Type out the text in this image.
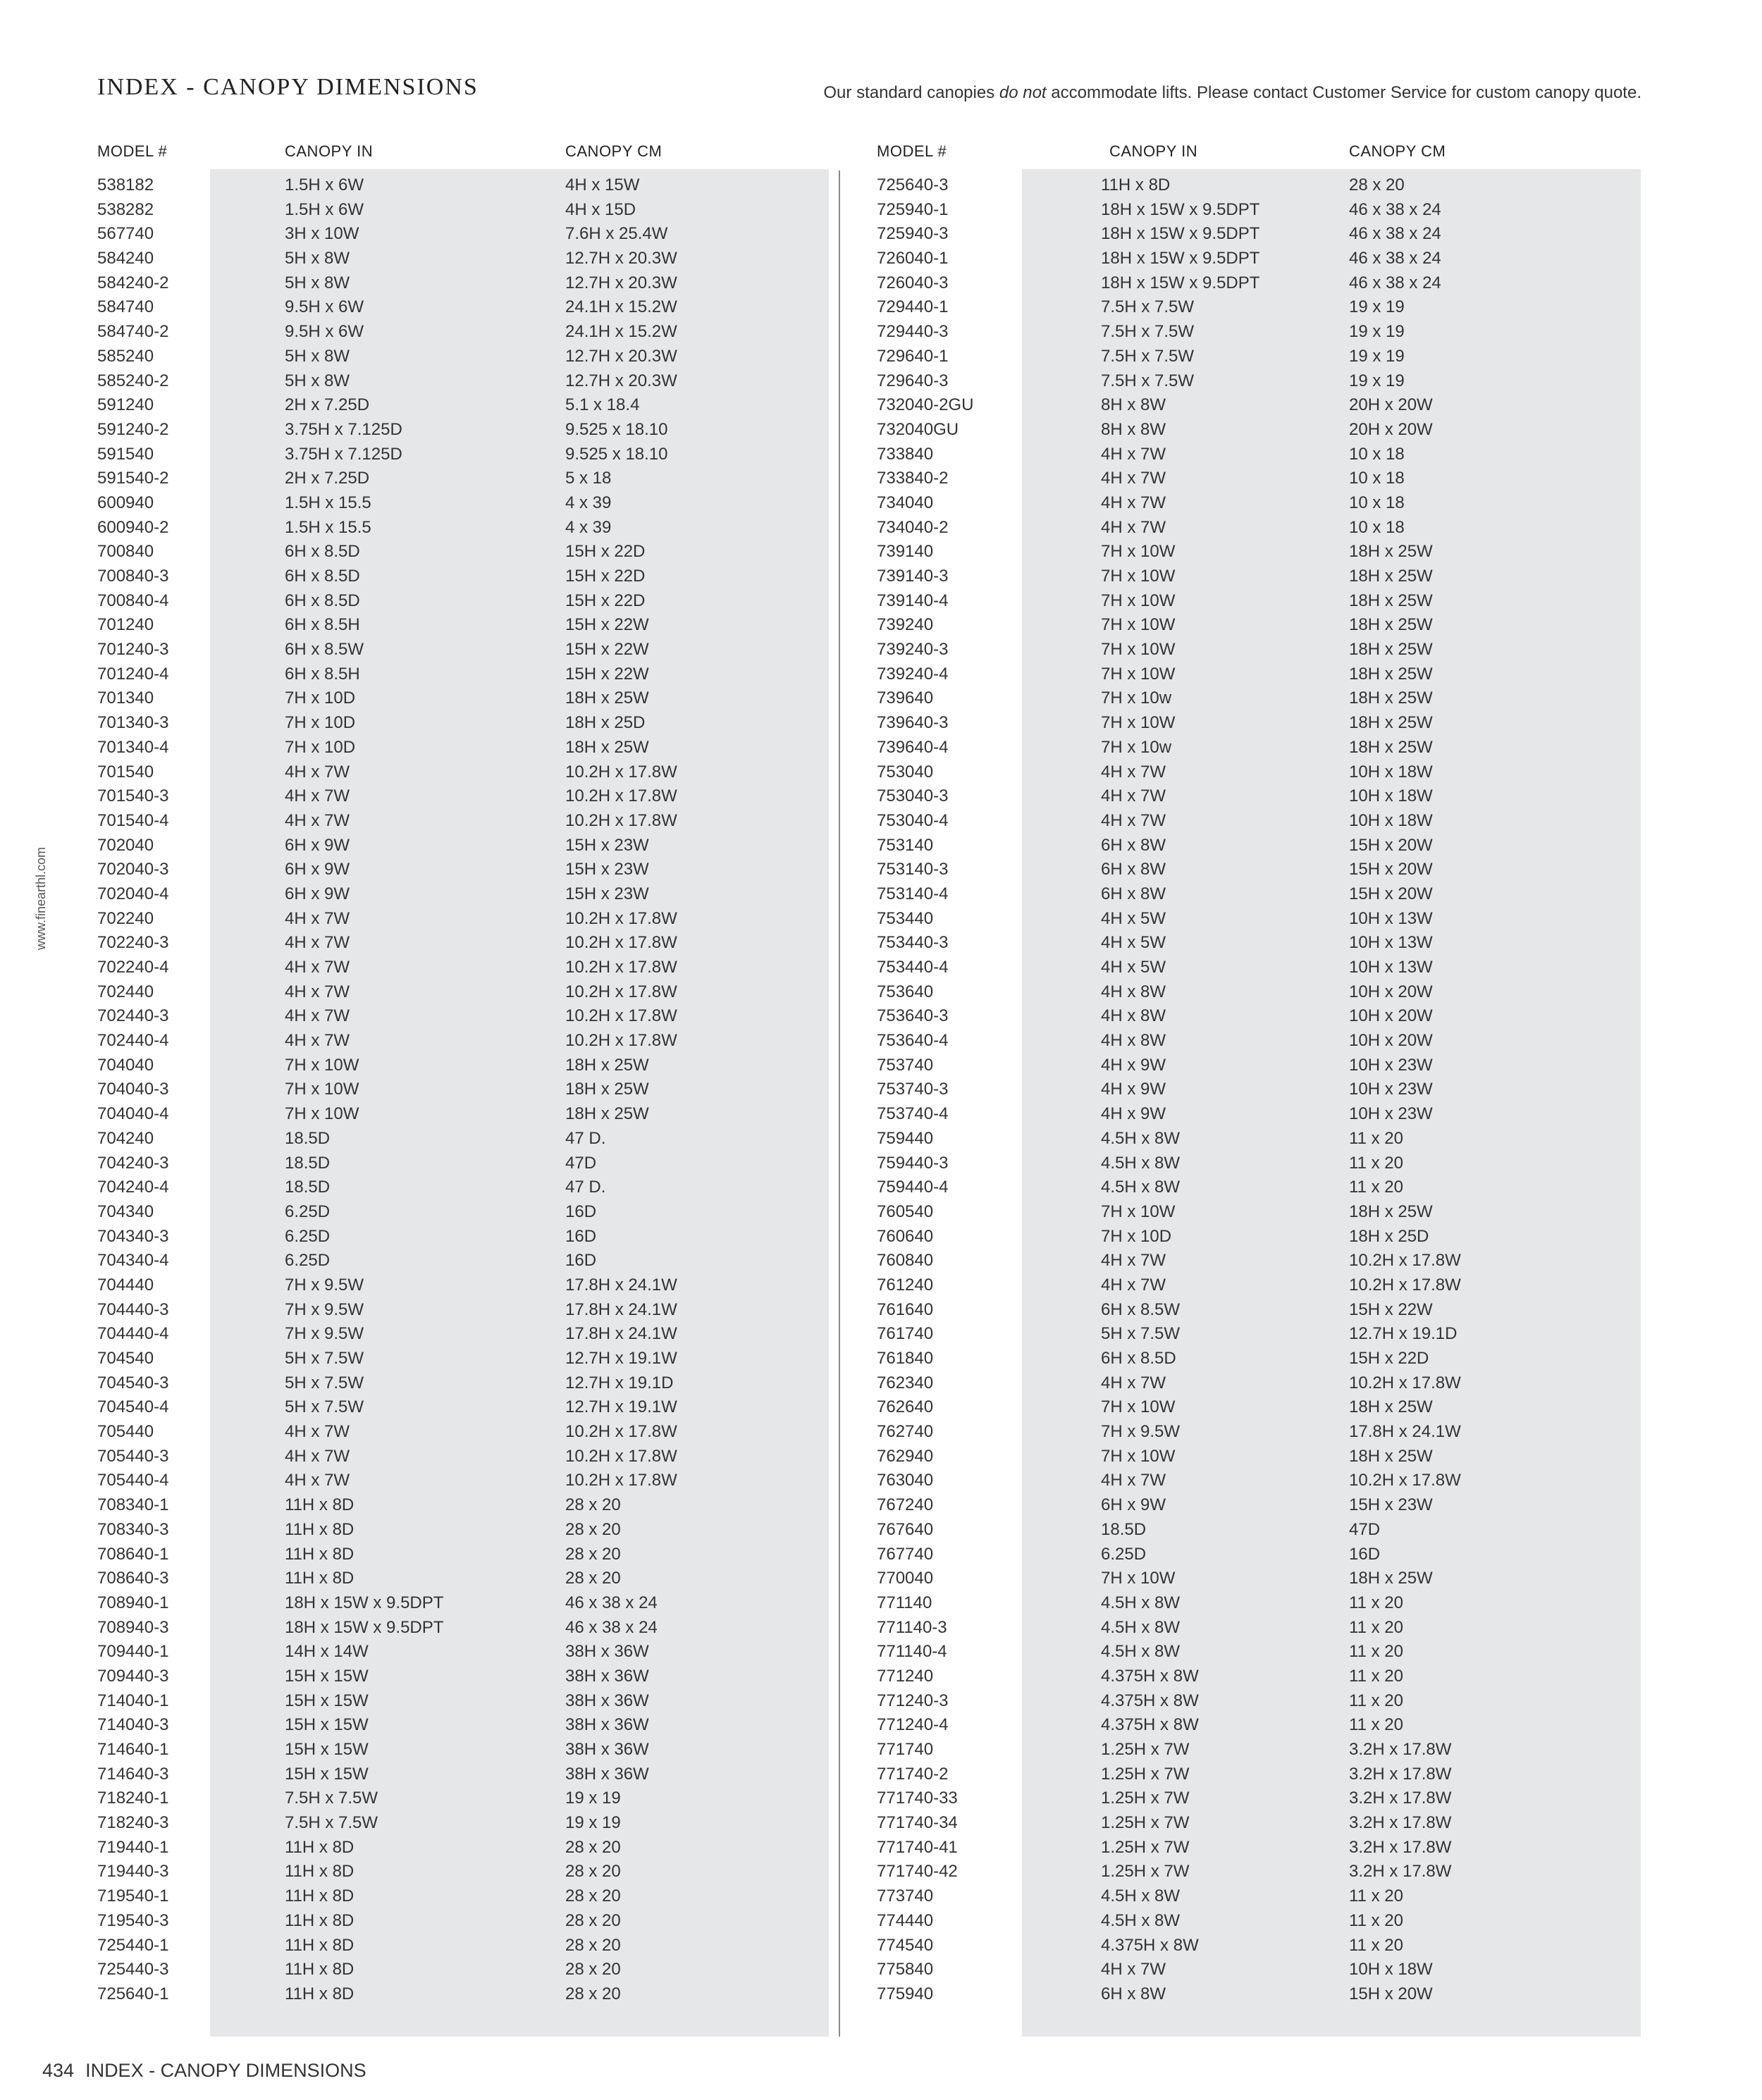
INDEX - CANOPY DIMENSIONS	Our standard canopies do not accommodate lifts. Please contact Customer Service for custom canopy quote.
www.finearthl.com
MODEL #	CANOPY IN	CANOPY CM	MODEL #	CANOPY IN	CANOPY CM
538182	1.5H x 6W	4H x 15W
538282	1.5H x 6W	4H x 15D
567740	3H x 10W	7.6H x 25.4W
584240	5H x 8W	12.7H x 20.3W
584240-2	5H x 8W	12.7H x 20.3W
584740	9.5H x 6W	24.1H x 15.2W
584740-2	9.5H x 6W	24.1H x 15.2W
585240	5H x 8W	12.7H x 20.3W
585240-2	5H x 8W	12.7H x 20.3W
591240	2H x 7.25D	5.1 x 18.4
591240-2	3.75H x 7.125D	9.525 x 18.10
591540	3.75H x 7.125D	9.525 x 18.10
591540-2	2H x 7.25D	5 x 18
600940	1.5H x 15.5	4 x 39
600940-2	1.5H x 15.5	4 x 39
700840	6H x 8.5D	15H x 22D
700840-3	6H x 8.5D	15H x 22D
700840-4	6H x 8.5D	15H x 22D
701240	6H x 8.5H	15H x 22W
701240-3	6H x 8.5W	15H x 22W
701240-4	6H x 8.5H	15H x 22W
701340	7H x 10D	18H x 25W
701340-3	7H x 10D	18H x 25D
701340-4	7H x 10D	18H x 25W
701540	4H x 7W	10.2H x 17.8W
701540-3	4H x 7W	10.2H x 17.8W
701540-4	4H x 7W	10.2H x 17.8W
702040	6H x 9W	15H x 23W
702040-3	6H x 9W	15H x 23W
702040-4	6H x 9W	15H x 23W
702240	4H x 7W	10.2H x 17.8W
702240-3	4H x 7W	10.2H x 17.8W
702240-4	4H x 7W	10.2H x 17.8W
702440	4H x 7W	10.2H x 17.8W
702440-3	4H x 7W	10.2H x 17.8W
702440-4	4H x 7W	10.2H x 17.8W
704040	7H x 10W	18H x 25W
704040-3	7H x 10W	18H x 25W
704040-4	7H x 10W	18H x 25W
704240	18.5D	47 D.
704240-3	18.5D	47D
704240-4	18.5D	47 D.
704340	6.25D	16D
704340-3	6.25D	16D
704340-4	6.25D	16D
704440	7H x 9.5W	17.8H x 24.1W
704440-3	7H x 9.5W	17.8H x 24.1W
704440-4	7H x 9.5W	17.8H x 24.1W
704540	5H x 7.5W	12.7H x 19.1W
704540-3	5H x 7.5W	12.7H x 19.1D
704540-4	5H x 7.5W	12.7H x 19.1W
705440	4H x 7W	10.2H x 17.8W
705440-3	4H x 7W	10.2H x 17.8W
705440-4	4H x 7W	10.2H x 17.8W
708340-1	11H x 8D	28 x 20
708340-3	11H x 8D	28 x 20
708640-1	11H x 8D	28 x 20
708640-3	11H x 8D	28 x 20
708940-1	18H x 15W x 9.5DPT	46 x 38 x 24
708940-3	18H x 15W x 9.5DPT	46 x 38 x 24
709440-1	14H x 14W	38H x 36W
709440-3	15H x 15W	38H x 36W
714040-1	15H x 15W	38H x 36W
714040-3	15H x 15W	38H x 36W
714640-1	15H x 15W	38H x 36W
714640-3	15H x 15W	38H x 36W
718240-1	7.5H x 7.5W	19 x 19
718240-3	7.5H x 7.5W	19 x 19
719440-1	11H x 8D	28 x 20
719440-3	11H x 8D	28 x 20
719540-1	11H x 8D	28 x 20
719540-3	11H x 8D	28 x 20
725440-1	11H x 8D	28 x 20
725440-3	11H x 8D	28 x 20
725640-1	11H x 8D	28 x 20
725640-3	11H x 8D	28 x 20
725940-1	18H x 15W x 9.5DPT	46 x 38 x 24
725940-3	18H x 15W x 9.5DPT	46 x 38 x 24
726040-1	18H x 15W x 9.5DPT	46 x 38 x 24
726040-3	18H x 15W x 9.5DPT	46 x 38 x 24
729440-1	7.5H x 7.5W	19 x 19
729440-3	7.5H x 7.5W	19 x 19
729640-1	7.5H x 7.5W	19 x 19
729640-3	7.5H x 7.5W	19 x 19
732040-2GU	8H x 8W	20H x 20W
732040GU	8H x 8W	20H x 20W
733840	4H x 7W	10 x 18
733840-2	4H x 7W	10 x 18
734040	4H x 7W	10 x 18
734040-2	4H x 7W	10 x 18
739140	7H x 10W	18H x 25W
739140-3	7H x 10W	18H x 25W
739140-4	7H x 10W	18H x 25W
739240	7H x 10W	18H x 25W
739240-3	7H x 10W	18H x 25W
739240-4	7H x 10W	18H x 25W
739640	7H x 10w	18H x 25W
739640-3	7H x 10W	18H x 25W
739640-4	7H x 10w	18H x 25W
753040	4H x 7W	10H x 18W
753040-3	4H x 7W	10H x 18W
753040-4	4H x 7W	10H x 18W
753140	6H x 8W	15H x 20W
753140-3	6H x 8W	15H x 20W
753140-4	6H x 8W	15H x 20W
753440	4H x 5W	10H x 13W
753440-3	4H x 5W	10H x 13W
753440-4	4H x 5W	10H x 13W
753640	4H x 8W	10H x 20W
753640-3	4H x 8W	10H x 20W
753640-4	4H x 8W	10H x 20W
753740	4H x 9W	10H x 23W
753740-3	4H x 9W	10H x 23W
753740-4	4H x 9W	10H x 23W
759440	4.5H x 8W	11 x 20
759440-3	4.5H x 8W	11 x 20
759440-4	4.5H x 8W	11 x 20
760540	7H x 10W	18H x 25W
760640	7H x 10D	18H x 25D
760840	4H x 7W	10.2H x 17.8W
761240	4H x 7W	10.2H x 17.8W
761640	6H x 8.5W	15H x 22W
761740	5H x 7.5W	12.7H x 19.1D
761840	6H x 8.5D	15H x 22D
762340	4H x 7W	10.2H x 17.8W
762640	7H x 10W	18H x 25W
762740	7H x 9.5W	17.8H x 24.1W
762940	7H x 10W	18H x 25W
763040	4H x 7W	10.2H x 17.8W
767240	6H x 9W	15H x 23W
767640	18.5D	47D
767740	6.25D	16D
770040	7H x 10W	18H x 25W
771140	4.5H x 8W	11 x 20
771140-3	4.5H x 8W	11 x 20
771140-4	4.5H x 8W	11 x 20
771240	4.375H x 8W	11 x 20
771240-3	4.375H x 8W	11 x 20
771240-4	4.375H x 8W	11 x 20
771740	1.25H x 7W	3.2H x 17.8W
771740-2	1.25H x 7W	3.2H x 17.8W
771740-33	1.25H x 7W	3.2H x 17.8W
771740-34	1.25H x 7W	3.2H x 17.8W
771740-41	1.25H x 7W	3.2H x 17.8W
771740-42	1.25H x 7W	3.2H x 17.8W
773740	4.5H x 8W	11 x 20
774440	4.5H x 8W	11 x 20
774540	4.375H x 8W	11 x 20
775840	4H x 7W	10H x 18W
775940	6H x 8W	15H x 20W
434 INDEX - CANOPY DIMENSIONS
